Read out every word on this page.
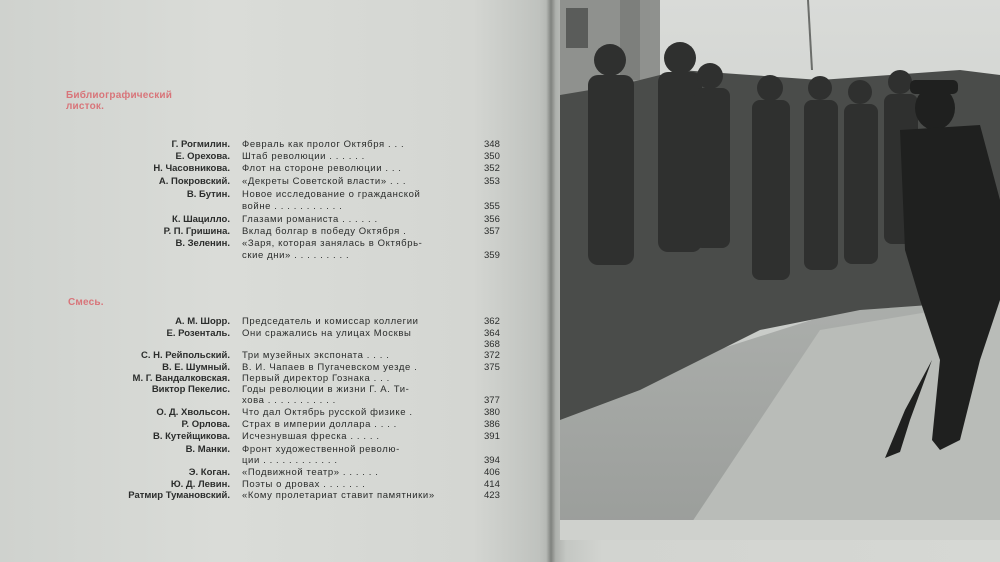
Библиографический
листок.
Г. Рогмилин. Февраль как пролог Октября . . .	348
Е. Орехова. Штаб революции . . . . . .	350
Н. Часовникова. Флот на стороне революции . . .	352
А. Покровский. «Декреты Советской власти» . . .	353
В. Бутин. Новое исследование о гражданской
войне . . . . . . . . . . .	355
К. Шацилло. Глазами романиста . . . . . .	356
Р. П. Гришина. Вклад болгар в победу Октября .	357
В. Зеленин. «Заря, которая занялась в Октябрь-
ские дни» . . . . . . . . .	359
Смесь.
А. М. Шорр. Председатель и комиссар коллегии	362
Е. Розенталь. Они сражались на улицах Москвы	364
368
С. Н. Рейпольский. Три музейных экспоната . . . .	372
В. Е. Шумный. В. И. Чапаев в Пугачевском уезде .	375
М. Г. Вандалковская. Первый директор Гознака . . .
Виктор Пекелис. Годы революции в жизни Г. А. Ти-
хова . . . . . . . . . . .	377
О. Д. Хвольсон. Что дал Октябрь русской физике .	380
Р. Орлова. Страх в империи доллара . . . .	386
В. Кутейщикова. Исчезнувшая фреска . . . . .	391
В. Манки. Фронт художественной револю-
ции . . . . . . . . . . . .	394
Э. Коган. «Подвижной театр» . . . . . .	406
Ю. Д. Левин. Поэты о дровах . . . . . . .	414
Ратмир Тумановский. «Кому пролетариат ставит памятники»	423
